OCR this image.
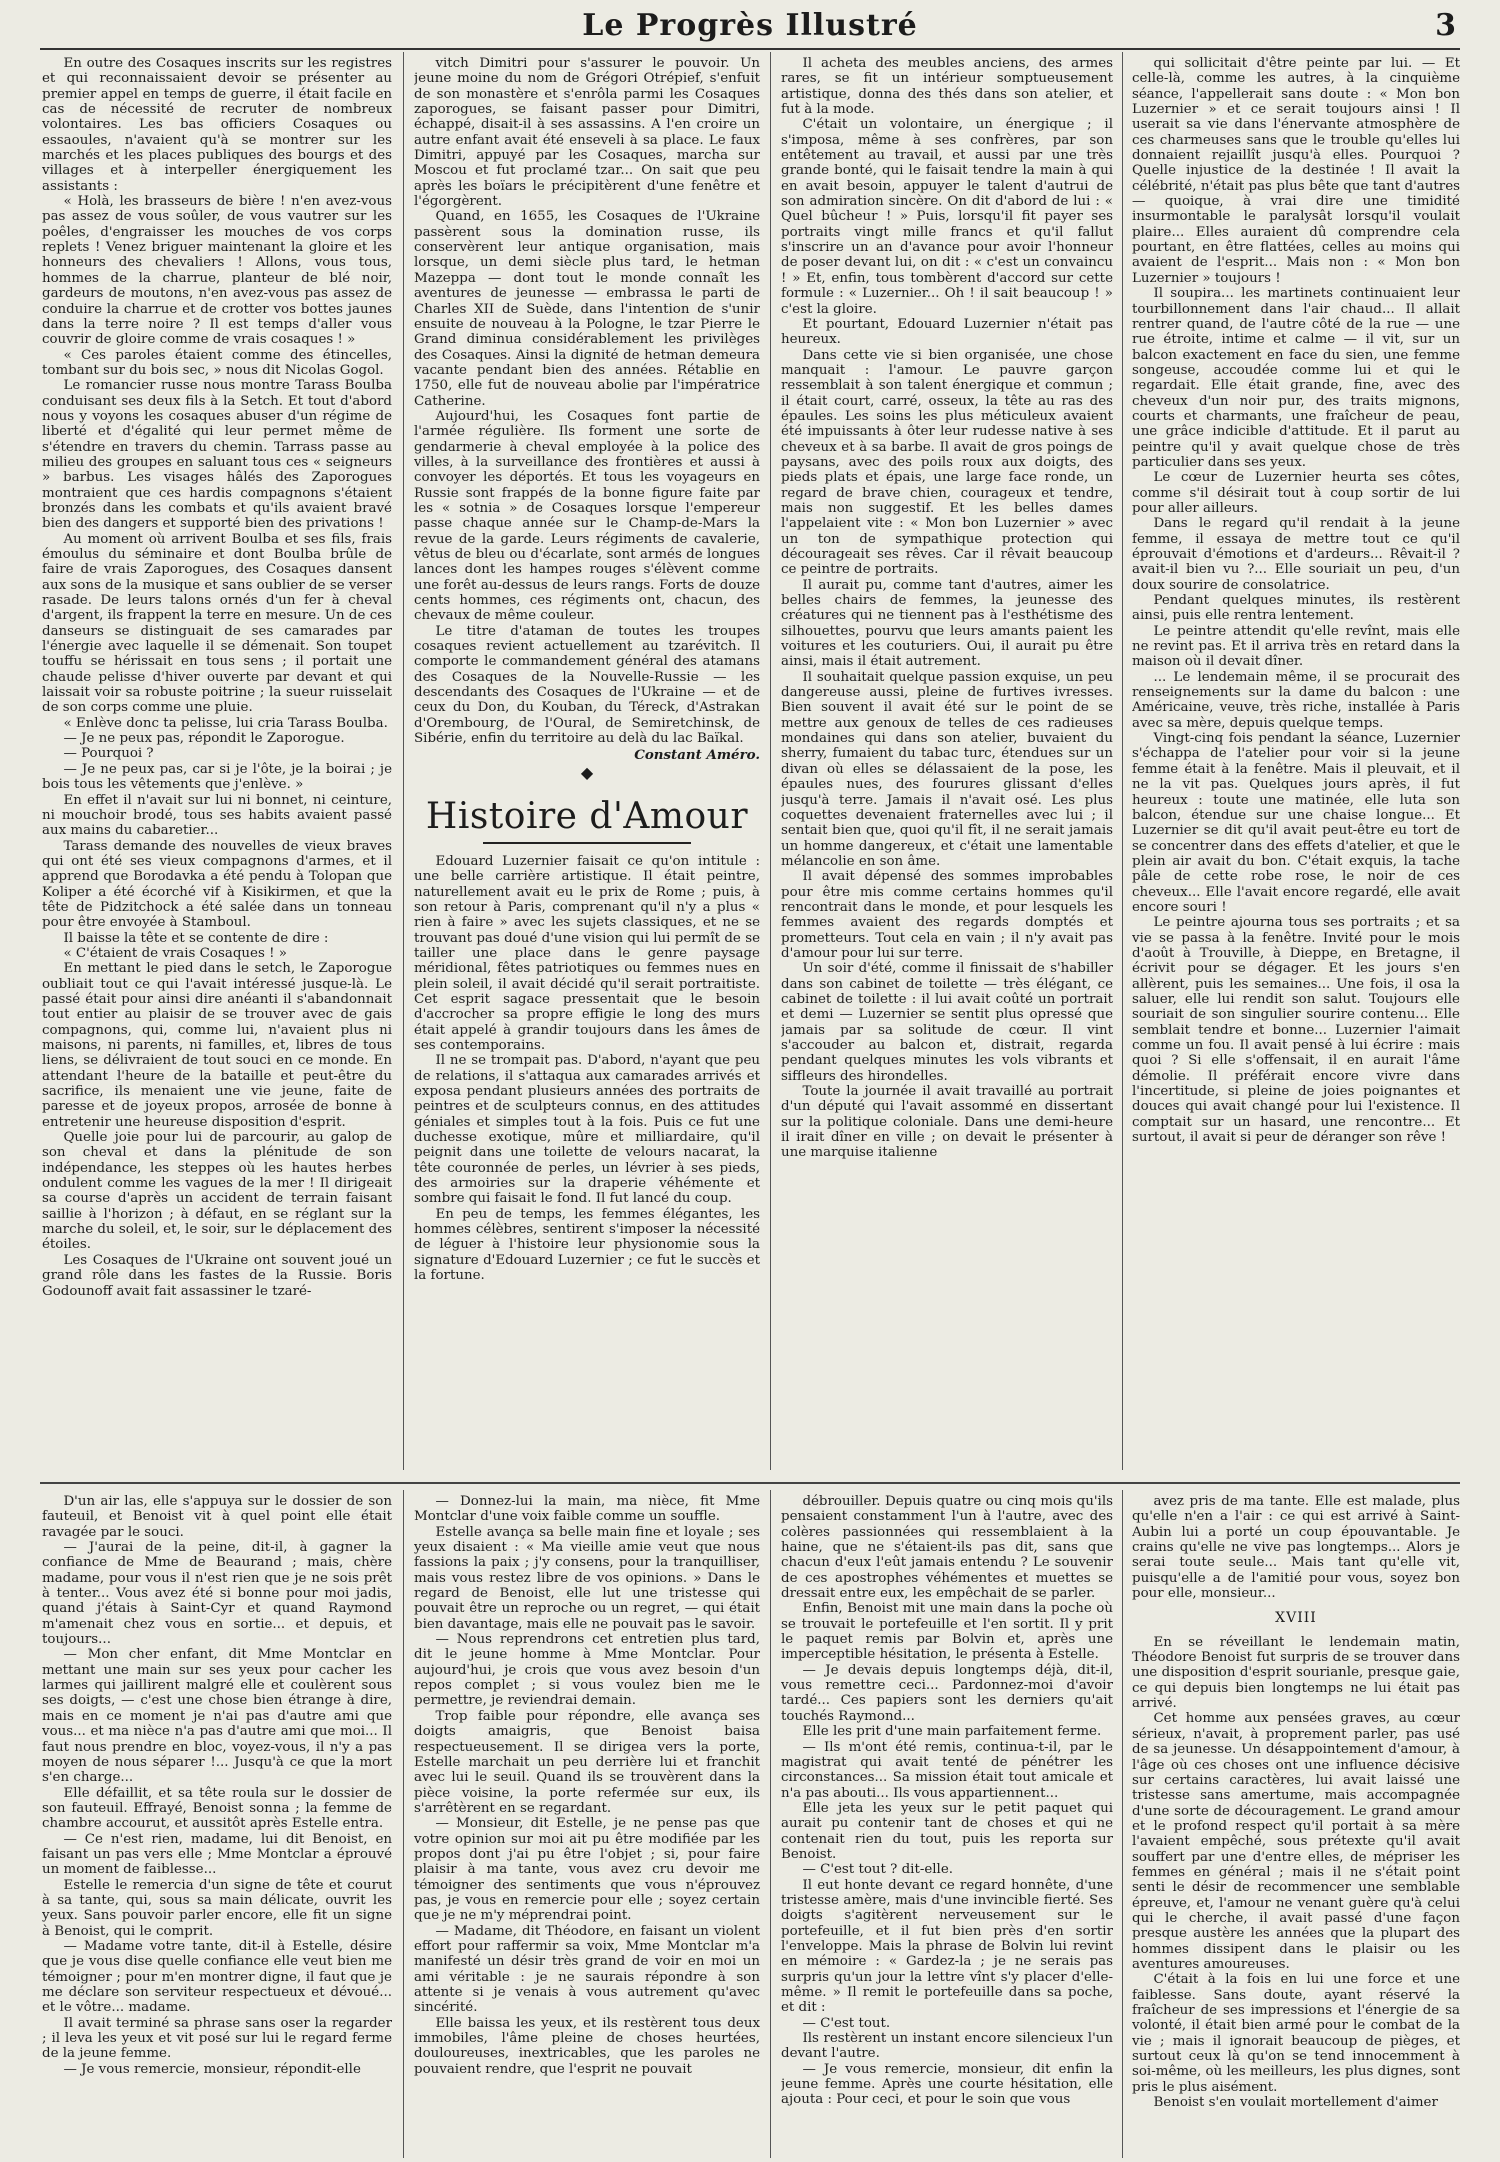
Le Progrès Illustré	3

En outre des Cosaques inscrits sur les registres et qui reconnaissaient devoir se présenter au premier appel en temps de guerre, il était facile en cas de nécessité de recruter de nombreux volontaires. Les bas officiers Cosaques ou essaoules, n'avaient qu'à se montrer sur les marchés et les places publiques des bourgs et des villages et à interpeller énergiquement les assistants :

« Holà, les brasseurs de bière ! n'en avez-vous pas assez de vous soûler, de vous vautrer sur les poêles, d'engraisser les mouches de vos corps replets ! Venez briguer maintenant la gloire et les honneurs des chevaliers ! Allons, vous tous, hommes de la charrue, planteur de blé noir, gardeurs de moutons, n'en avez-vous pas assez de conduire la charrue et de crotter vos bottes jaunes dans la terre noire ? Il est temps d'aller vous couvrir de gloire comme de vrais cosaques ! »

« Ces paroles étaient comme des étincelles, tombant sur du bois sec, » nous dit Nicolas Gogol.

Le romancier russe nous montre Tarass Boulba conduisant ses deux fils à la Setch. Et tout d'abord nous y voyons les cosaques abuser d'un régime de liberté et d'égalité qui leur permet même de s'étendre en travers du chemin. Tarrass passe au milieu des groupes en saluant tous ces « seigneurs » barbus. Les visages hâlés des Zaporogues montraient que ces hardis compagnons s'étaient bronzés dans les combats et qu'ils avaient bravé bien des dangers et supporté bien des privations !

Au moment où arrivent Boulba et ses fils, frais émoulus du séminaire et dont Boulba brûle de faire de vrais Zaporogues, des Cosaques dansent aux sons de la musique et sans oublier de se verser rasade. De leurs talons ornés d'un fer à cheval d'argent, ils frappent la terre en mesure. Un de ces danseurs se distinguait de ses camarades par l'énergie avec laquelle il se démenait. Son toupet touffu se hérissait en tous sens ; il portait une chaude pelisse d'hiver ouverte par devant et qui laissait voir sa robuste poitrine ; la sueur ruisselait de son corps comme une pluie.

« Enlève donc ta pelisse, lui cria Tarass Boulba.

— Je ne peux pas, répondit le Zaporogue.

— Pourquoi ?

— Je ne peux pas, car si je l'ôte, je la boirai ; je bois tous les vêtements que j'enlève. »

En effet il n'avait sur lui ni bonnet, ni ceinture, ni mouchoir brodé, tous ses habits avaient passé aux mains du cabaretier...

Tarass demande des nouvelles de vieux braves qui ont été ses vieux compagnons d'armes, et il apprend que Borodavka a été pendu à Tolopan que Koliper a été écorché vif à Kisikirmen, et que la tête de Pidzitchock a été salée dans un tonneau pour être envoyée à Stamboul.

Il baisse la tête et se contente de dire :

« C'étaient de vrais Cosaques ! »

En mettant le pied dans le setch, le Zaporogue oubliait tout ce qui l'avait intéressé jusque-là. Le passé était pour ainsi dire anéanti il s'abandonnait tout entier au plaisir de se trouver avec de gais compagnons, qui, comme lui, n'avaient plus ni maisons, ni parents, ni familles, et, libres de tous liens, se délivraient de tout souci en ce monde. En attendant l'heure de la bataille et peut-être du sacrifice, ils menaient une vie jeune, faite de paresse et de joyeux propos, arrosée de bonne à entretenir une heureuse disposition d'esprit.

Quelle joie pour lui de parcourir, au galop de son cheval et dans la plénitude de son indépendance, les steppes où les hautes herbes ondulent comme les vagues de la mer ! Il dirigeait sa course d'après un accident de terrain faisant saillie à l'horizon ; à défaut, en se réglant sur la marche du soleil, et, le soir, sur le déplacement des étoiles.

Les Cosaques de l'Ukraine ont souvent joué un grand rôle dans les fastes de la Russie. Boris Godounoff avait fait assassiner le tzaré-

vitch Dimitri pour s'assurer le pouvoir. Un jeune moine du nom de Grégori Otrépief, s'enfuit de son monastère et s'enrôla parmi les Cosaques zaporogues, se faisant passer pour Dimitri, échappé, disait-il à ses assassins. A l'en croire un autre enfant avait été enseveli à sa place. Le faux Dimitri, appuyé par les Cosaques, marcha sur Moscou et fut proclamé tzar... On sait que peu après les boïars le précipitèrent d'une fenêtre et l'égorgèrent.

Quand, en 1655, les Cosaques de l'Ukraine passèrent sous la domination russe, ils conservèrent leur antique organisation, mais lorsque, un demi siècle plus tard, le hetman Mazeppa — dont tout le monde connaît les aventures de jeunesse — embrassa le parti de Charles XII de Suède, dans l'intention de s'unir ensuite de nouveau à la Pologne, le tzar Pierre le Grand diminua considérablement les privilèges des Cosaques. Ainsi la dignité de hetman demeura vacante pendant bien des années. Rétablie en 1750, elle fut de nouveau abolie par l'impératrice Catherine.

Aujourd'hui, les Cosaques font partie de l'armée régulière. Ils forment une sorte de gendarmerie à cheval employée à la police des villes, à la surveillance des frontières et aussi à convoyer les déportés. Et tous les voyageurs en Russie sont frappés de la bonne figure faite par les « sotnia » de Cosaques lorsque l'empereur passe chaque année sur le Champ-de-Mars la revue de la garde. Leurs régiments de cavalerie, vêtus de bleu ou d'écarlate, sont armés de longues lances dont les hampes rouges s'élèvent comme une forêt au-dessus de leurs rangs. Forts de douze cents hommes, ces régiments ont, chacun, des chevaux de même couleur.

Le titre d'ataman de toutes les troupes cosaques revient actuellement au tzarévitch. Il comporte le commandement général des atamans des Cosaques de la Nouvelle-Russie — les descendants des Cosaques de l'Ukraine — et de ceux du Don, du Kouban, du Téreck, d'Astrakan d'Orembourg, de l'Oural, de Semiretchinsk, de Sibérie, enfin du territoire au delà du lac Baïkal.

Constant Améro.

◆
Histoire d'Amour

Edouard Luzernier faisait ce qu'on intitule : une belle carrière artistique. Il était peintre, naturellement avait eu le prix de Rome ; puis, à son retour à Paris, comprenant qu'il n'y a plus « rien à faire » avec les sujets classiques, et ne se trouvant pas doué d'une vision qui lui permît de se tailler une place dans le genre paysage méridional, fêtes patriotiques ou femmes nues en plein soleil, il avait décidé qu'il serait portraitiste. Cet esprit sagace pressentait que le besoin d'accrocher sa propre effigie le long des murs était appelé à grandir toujours dans les âmes de ses contemporains.

Il ne se trompait pas. D'abord, n'ayant que peu de relations, il s'attaqua aux camarades arrivés et exposa pendant plusieurs années des portraits de peintres et de sculpteurs connus, en des attitudes géniales et simples tout à la fois. Puis ce fut une duchesse exotique, mûre et milliardaire, qu'il peignit dans une toilette de velours nacarat, la tête couronnée de perles, un lévrier à ses pieds, des armoiries sur la draperie véhémente et sombre qui faisait le fond. Il fut lancé du coup.

En peu de temps, les femmes élégantes, les hommes célèbres, sentirent s'imposer la nécessité de léguer à l'histoire leur physionomie sous la signature d'Edouard Luzernier ; ce fut le succès et la fortune.

Il acheta des meubles anciens, des armes rares, se fit un intérieur somptueusement artistique, donna des thés dans son atelier, et fut à la mode.

C'était un volontaire, un énergique ; il s'imposa, même à ses confrères, par son entêtement au travail, et aussi par une très grande bonté, qui le faisait tendre la main à qui en avait besoin, appuyer le talent d'autrui de son admiration sincère. On dit d'abord de lui : « Quel bûcheur ! » Puis, lorsqu'il fit payer ses portraits vingt mille francs et qu'il fallut s'inscrire un an d'avance pour avoir l'honneur de poser devant lui, on dit : « c'est un convaincu ! » Et, enfin, tous tombèrent d'accord sur cette formule : « Luzernier... Oh ! il sait beaucoup ! » c'est la gloire.

Et pourtant, Edouard Luzernier n'était pas heureux.

Dans cette vie si bien organisée, une chose manquait : l'amour. Le pauvre garçon ressemblait à son talent énergique et commun ; il était court, carré, osseux, la tête au ras des épaules. Les soins les plus méticuleux avaient été impuissants à ôter leur rudesse native à ses cheveux et à sa barbe. Il avait de gros poings de paysans, avec des poils roux aux doigts, des pieds plats et épais, une large face ronde, un regard de brave chien, courageux et tendre, mais non suggestif. Et les belles dames l'appelaient vite : « Mon bon Luzernier » avec un ton de sympathique protection qui décourageait ses rêves. Car il rêvait beaucoup ce peintre de portraits.

Il aurait pu, comme tant d'autres, aimer les belles chairs de femmes, la jeunesse des créatures qui ne tiennent pas à l'esthétisme des silhouettes, pourvu que leurs amants paient les voitures et les couturiers. Oui, il aurait pu être ainsi, mais il était autrement.

Il souhaitait quelque passion exquise, un peu dangereuse aussi, pleine de furtives ivresses. Bien souvent il avait été sur le point de se mettre aux genoux de telles de ces radieuses mondaines qui dans son atelier, buvaient du sherry, fumaient du tabac turc, étendues sur un divan où elles se délassaient de la pose, les épaules nues, des fourures glissant d'elles jusqu'à terre. Jamais il n'avait osé. Les plus coquettes devenaient fraternelles avec lui ; il sentait bien que, quoi qu'il fît, il ne serait jamais un homme dangereux, et c'était une lamentable mélancolie en son âme.

Il avait dépensé des sommes improbables pour être mis comme certains hommes qu'il rencontrait dans le monde, et pour lesquels les femmes avaient des regards domptés et prometteurs. Tout cela en vain ; il n'y avait pas d'amour pour lui sur terre.

Un soir d'été, comme il finissait de s'habiller dans son cabinet de toilette — très élégant, ce cabinet de toilette : il lui avait coûté un portrait et demi — Luzernier se sentit plus opressé que jamais par sa solitude de cœur. Il vint s'accouder au balcon et, distrait, regarda pendant quelques minutes les vols vibrants et siffleurs des hirondelles.

Toute la journée il avait travaillé au portrait d'un député qui l'avait assommé en dissertant sur la politique coloniale. Dans une demi-heure il irait dîner en ville ; on devait le présenter à une marquise italienne

qui sollicitait d'être peinte par lui. — Et celle-là, comme les autres, à la cinquième séance, l'appellerait sans doute : « Mon bon Luzernier » et ce serait toujours ainsi ! Il userait sa vie dans l'énervante atmosphère de ces charmeuses sans que le trouble qu'elles lui donnaient rejaillît jusqu'à elles. Pourquoi ? Quelle injustice de la destinée ! Il avait la célébrité, n'était pas plus bête que tant d'autres — quoique, à vrai dire une timidité insurmontable le paralysât lorsqu'il voulait plaire... Elles auraient dû comprendre cela pourtant, en être flattées, celles au moins qui avaient de l'esprit... Mais non : « Mon bon Luzernier » toujours !

Il soupira... les martinets continuaient leur tourbillonnement dans l'air chaud... Il allait rentrer quand, de l'autre côté de la rue — une rue étroite, intime et calme — il vit, sur un balcon exactement en face du sien, une femme songeuse, accoudée comme lui et qui le regardait. Elle était grande, fine, avec des cheveux d'un noir pur, des traits mignons, courts et charmants, une fraîcheur de peau, une grâce indicible d'attitude. Et il parut au peintre qu'il y avait quelque chose de très particulier dans ses yeux.

Le cœur de Luzernier heurta ses côtes, comme s'il désirait tout à coup sortir de lui pour aller ailleurs.

Dans le regard qu'il rendait à la jeune femme, il essaya de mettre tout ce qu'il éprouvait d'émotions et d'ardeurs... Rêvait-il ? avait-il bien vu ?... Elle souriait un peu, d'un doux sourire de consolatrice.

Pendant quelques minutes, ils restèrent ainsi, puis elle rentra lentement.

Le peintre attendit qu'elle revînt, mais elle ne revint pas. Et il arriva très en retard dans la maison où il devait dîner.

... Le lendemain même, il se procurait des renseignements sur la dame du balcon : une Américaine, veuve, très riche, installée à Paris avec sa mère, depuis quelque temps.

Vingt-cinq fois pendant la séance, Luzernier s'échappa de l'atelier pour voir si la jeune femme était à la fenêtre. Mais il pleuvait, et il ne la vit pas. Quelques jours après, il fut heureux : toute une matinée, elle luta son balcon, étendue sur une chaise longue... Et Luzernier se dit qu'il avait peut-être eu tort de se concentrer dans des effets d'atelier, et que le plein air avait du bon. C'était exquis, la tache pâle de cette robe rose, le noir de ces cheveux... Elle l'avait encore regardé, elle avait encore souri !

Le peintre ajourna tous ses portraits ; et sa vie se passa à la fenêtre. Invité pour le mois d'août à Trouville, à Dieppe, en Bretagne, il écrivit pour se dégager. Et les jours s'en allèrent, puis les semaines... Une fois, il osa la saluer, elle lui rendit son salut. Toujours elle souriait de son singulier sourire contenu... Elle semblait tendre et bonne... Luzernier l'aimait comme un fou. Il avait pensé à lui écrire : mais quoi ? Si elle s'offensait, il en aurait l'âme démolie. Il préférait encore vivre dans l'incertitude, si pleine de joies poignantes et douces qui avait changé pour lui l'existence. Il comptait sur un hasard, une rencontre... Et surtout, il avait si peur de déranger son rêve !

D'un air las, elle s'appuya sur le dossier de son fauteuil, et Benoist vit à quel point elle était ravagée par le souci.

— J'aurai de la peine, dit-il, à gagner la confiance de Mme de Beaurand ; mais, chère madame, pour vous il n'est rien que je ne sois prêt à tenter... Vous avez été si bonne pour moi jadis, quand j'étais à Saint-Cyr et quand Raymond m'amenait chez vous en sortie... et depuis, et toujours...

— Mon cher enfant, dit Mme Montclar en mettant une main sur ses yeux pour cacher les larmes qui jaillirent malgré elle et coulèrent sous ses doigts, — c'est une chose bien étrange à dire, mais en ce moment je n'ai pas d'autre ami que vous... et ma nièce n'a pas d'autre ami que moi... Il faut nous prendre en bloc, voyez-vous, il n'y a pas moyen de nous séparer !... Jusqu'à ce que la mort s'en charge...

Elle défaillit, et sa tête roula sur le dossier de son fauteuil. Effrayé, Benoist sonna ; la femme de chambre accourut, et aussitôt après Estelle entra.

— Ce n'est rien, madame, lui dit Benoist, en faisant un pas vers elle ; Mme Montclar a éprouvé un moment de faiblesse...

Estelle le remercia d'un signe de tête et courut à sa tante, qui, sous sa main délicate, ouvrit les yeux. Sans pouvoir parler encore, elle fit un signe à Benoist, qui le comprit.

— Madame votre tante, dit-il à Estelle, désire que je vous dise quelle confiance elle veut bien me témoigner ; pour m'en montrer digne, il faut que je me déclare son serviteur respectueux et dévoué... et le vôtre... madame.

Il avait terminé sa phrase sans oser la regarder ; il leva les yeux et vit posé sur lui le regard ferme de la jeune femme.

— Je vous remercie, monsieur, répondit-elle

— Donnez-lui la main, ma nièce, fit Mme Montclar d'une voix faible comme un souffle.

Estelle avança sa belle main fine et loyale ; ses yeux disaient : « Ma vieille amie veut que nous fassions la paix ; j'y consens, pour la tranquilliser, mais vous restez libre de vos opinions. » Dans le regard de Benoist, elle lut une tristesse qui pouvait être un reproche ou un regret, — qui était bien davantage, mais elle ne pouvait pas le savoir.

— Nous reprendrons cet entretien plus tard, dit le jeune homme à Mme Montclar. Pour aujourd'hui, je crois que vous avez besoin d'un repos complet ; si vous voulez bien me le permettre, je reviendrai demain.

Trop faible pour répondre, elle avança ses doigts amaigris, que Benoist baisa respectueusement. Il se dirigea vers la porte, Estelle marchait un peu derrière lui et franchit avec lui le seuil. Quand ils se trouvèrent dans la pièce voisine, la porte refermée sur eux, ils s'arrêtèrent en se regardant.

— Monsieur, dit Estelle, je ne pense pas que votre opinion sur moi ait pu être modifiée par les propos dont j'ai pu être l'objet ; si, pour faire plaisir à ma tante, vous avez cru devoir me témoigner des sentiments que vous n'éprouvez pas, je vous en remercie pour elle ; soyez certain que je ne m'y méprendrai point.

— Madame, dit Théodore, en faisant un violent effort pour raffermir sa voix, Mme Montclar m'a manifesté un désir très grand de voir en moi un ami véritable : je ne saurais répondre à son attente si je venais à vous autrement qu'avec sincérité.

Elle baissa les yeux, et ils restèrent tous deux immobiles, l'âme pleine de choses heurtées, douloureuses, inextricables, que les paroles ne pouvaient rendre, que l'esprit ne pouvait

débrouiller. Depuis quatre ou cinq mois qu'ils pensaient constamment l'un à l'autre, avec des colères passionnées qui ressemblaient à la haine, que ne s'étaient-ils pas dit, sans que chacun d'eux l'eût jamais entendu ? Le souvenir de ces apostrophes véhémentes et muettes se dressait entre eux, les empêchait de se parler.

Enfin, Benoist mit une main dans la poche où se trouvait le portefeuille et l'en sortit. Il y prit le paquet remis par Bolvin et, après une imperceptible hésitation, le présenta à Estelle.

— Je devais depuis longtemps déjà, dit-il, vous remettre ceci... Pardonnez-moi d'avoir tardé... Ces papiers sont les derniers qu'ait touchés Raymond...

Elle les prit d'une main parfaitement ferme.

— Ils m'ont été remis, continua-t-il, par le magistrat qui avait tenté de pénétrer les circonstances... Sa mission était tout amicale et n'a pas abouti... Ils vous appartiennent...

Elle jeta les yeux sur le petit paquet qui aurait pu contenir tant de choses et qui ne contenait rien du tout, puis les reporta sur Benoist.

— C'est tout ? dit-elle.

Il eut honte devant ce regard honnête, d'une tristesse amère, mais d'une invincible fierté. Ses doigts s'agitèrent nerveusement sur le portefeuille, et il fut bien près d'en sortir l'enveloppe. Mais la phrase de Bolvin lui revint en mémoire : « Gardez-la ; je ne serais pas surpris qu'un jour la lettre vînt s'y placer d'elle-même. » Il remit le portefeuille dans sa poche, et dit :

— C'est tout.

Ils restèrent un instant encore silencieux l'un devant l'autre.

— Je vous remercie, monsieur, dit enfin la jeune femme. Après une courte hésitation, elle ajouta : Pour ceci, et pour le soin que vous

avez pris de ma tante. Elle est malade, plus qu'elle n'en a l'air : ce qui est arrivé à Saint-Aubin lui a porté un coup épouvantable. Je crains qu'elle ne vive pas longtemps... Alors je serai toute seule... Mais tant qu'elle vit, puisqu'elle a de l'amitié pour vous, soyez bon pour elle, monsieur...

XVIII

En se réveillant le lendemain matin, Théodore Benoist fut surpris de se trouver dans une disposition d'esprit sourianle, presque gaie, ce qui depuis bien longtemps ne lui était pas arrivé.

Cet homme aux pensées graves, au cœur sérieux, n'avait, à proprement parler, pas usé de sa jeunesse. Un désappointement d'amour, à l'âge où ces choses ont une influence décisive sur certains caractères, lui avait laissé une tristesse sans amertume, mais accompagnée d'une sorte de découragement. Le grand amour et le profond respect qu'il portait à sa mère l'avaient empêché, sous prétexte qu'il avait souffert par une d'entre elles, de mépriser les femmes en général ; mais il ne s'était point senti le désir de recommencer une semblable épreuve, et, l'amour ne venant guère qu'à celui qui le cherche, il avait passé d'une façon presque austère les années que la plupart des hommes dissipent dans le plaisir ou les aventures amoureuses.

C'était à la fois en lui une force et une faiblesse. Sans doute, ayant réservé la fraîcheur de ses impressions et l'énergie de sa volonté, il était bien armé pour le combat de la vie ; mais il ignorait beaucoup de pièges, et surtout ceux là qu'on se tend innocemment à soi-même, où les meilleurs, les plus dignes, sont pris le plus aisément.

Benoist s'en voulait mortellement d'aimer
